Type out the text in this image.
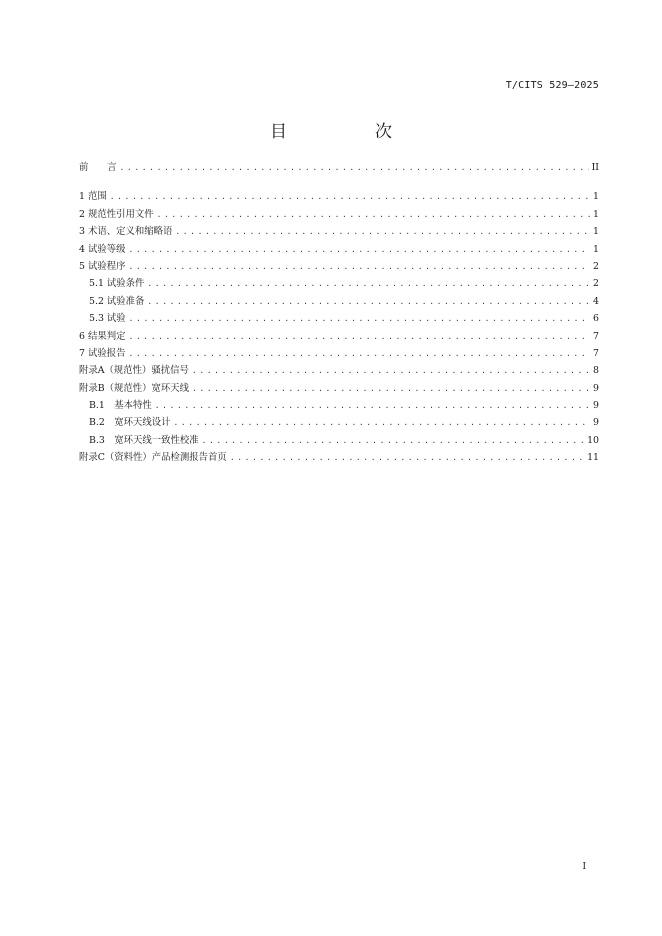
T/CITS 529—2025
目　　次
前　　言 .....	II
1 范围 .....	1
2 规范性引用文件 .....	1
3 术语、定义和缩略语 .....	1
4 试验等级 .....	1
5 试验程序 .....	2
5.1 试验条件 .....	2
5.2 试验准备 .....	4
5.3 试验 .....	6
6 结果判定 .....	7
7 试验报告 .....	7
附录A（规范性）骚扰信号 .....	8
附录B（规范性）宽环天线 .....	9
B.1　基本特性 .....	9
B.2　宽环天线设计 .....	9
B.3　宽环天线一致性校准 .....	10
附录C（资料性）产品检测报告首页 .....	11
I
